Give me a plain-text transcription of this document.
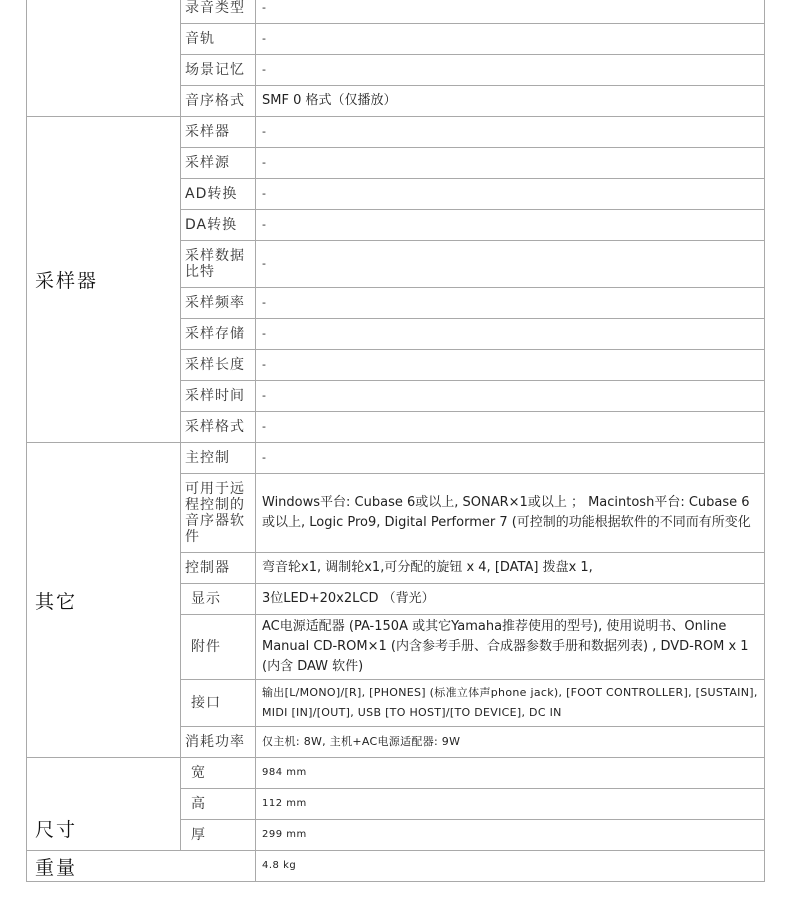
	录音类型	-
	音轨	-
	场景记忆	-
	音序格式	SMF 0 格式（仅播放）
采样器	采样器	-
	采样源	-
	AD转换	-
	DA转换	-
	采样数据比特	-
	采样频率	-
	采样存储	-
	采样长度	-
	采样时间	-
	采样格式	-
其它	主控制	-
	可用于远程控制的音序器软件	Windows平台: Cubase 6或以上, SONAR×1或以上 ； Macintosh平台: Cubase 6或以上, Logic Pro9, Digital Performer 7 (可控制的功能根据软件的不同而有所变化
	控制器	弯音轮x1, 调制轮x1,可分配的旋钮 x 4, [DATA] 拨盘x 1,
	显示	3位LED+20x2LCD （背光）
	附件	AC电源适配器 (PA-150A 或其它Yamaha推荐使用的型号), 使用说明书、Online Manual CD-ROM×1 (内含参考手册、合成器参数手册和数据列表) , DVD-ROM x 1 (内含 DAW 软件)
	接口	输出[L/MONO]/[R], [PHONES] (标准立体声phone jack), [FOOT CONTROLLER], [SUSTAIN], MIDI [IN]/[OUT], USB [TO HOST]/[TO DEVICE], DC IN
	消耗功率	仅主机: 8W, 主机+AC电源适配器: 9W
尺寸	宽	984 mm
	高	112 mm
	厚	299 mm
重量		4.8 kg
